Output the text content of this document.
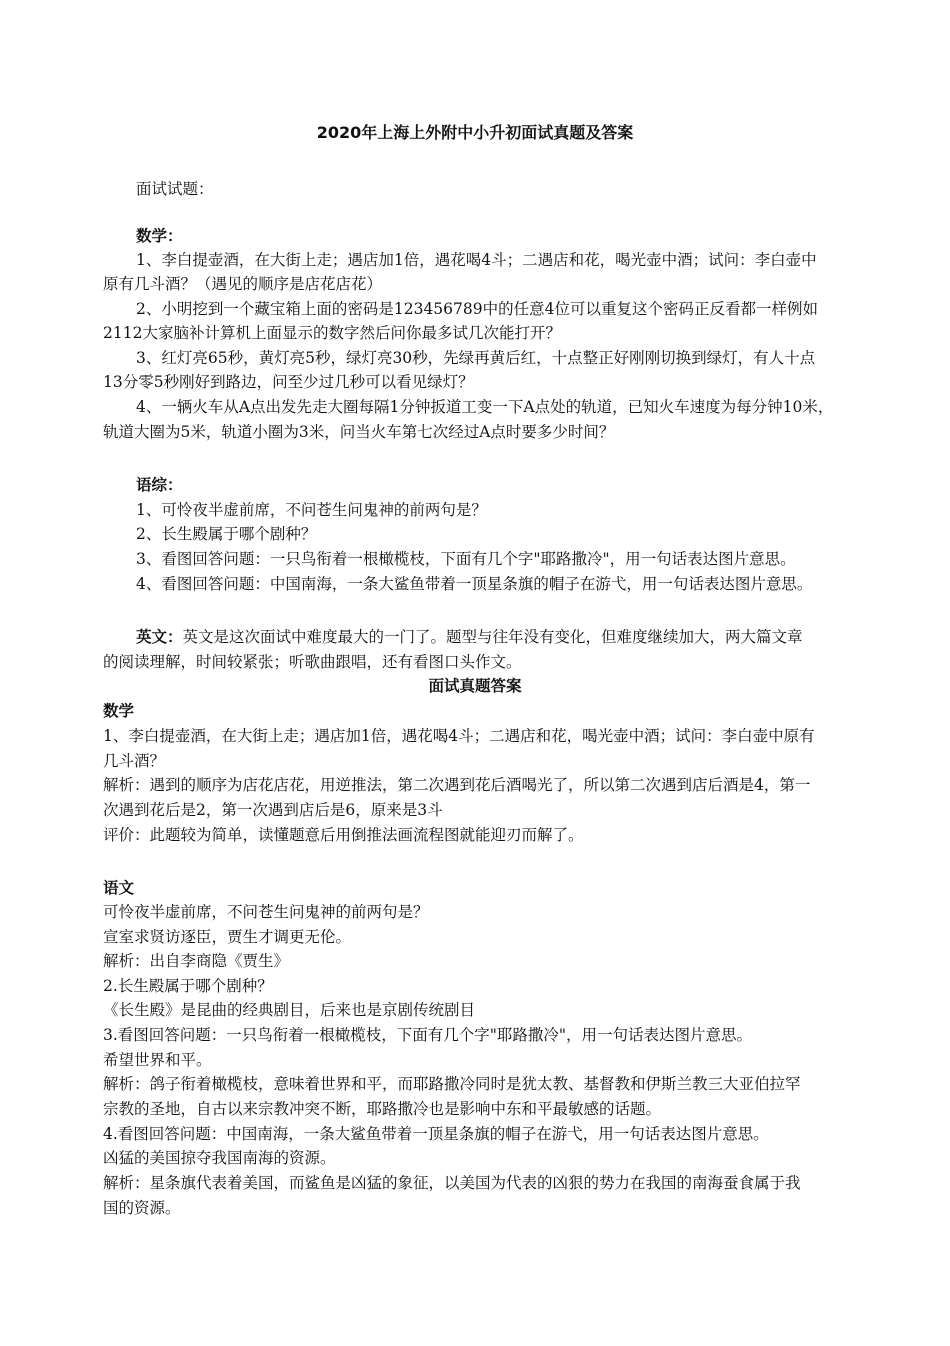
2020年上海上外附中小升初面试真题及答案
面试试题：
数学：
1、李白提壶酒，在大街上走；遇店加1倍，遇花喝4斗；二遇店和花，喝光壶中酒；试问：李白壶中
原有几斗酒？（遇见的顺序是店花店花）
2、小明挖到一个藏宝箱上面的密码是123456789中的任意4位可以重复这个密码正反看都一样例如
2112大家脑补计算机上面显示的数字然后问你最多试几次能打开？
3、红灯亮65秒，黄灯亮5秒，绿灯亮30秒，先绿再黄后红，十点整正好刚刚切换到绿灯，有人十点
13分零5秒刚好到路边，问至少过几秒可以看见绿灯？
4、一辆火车从A点出发先走大圈每隔1分钟扳道工变一下A点处的轨道，已知火车速度为每分钟10米，
轨道大圈为5米，轨道小圈为3米，问当火车第七次经过A点时要多少时间？
语综：
1、可怜夜半虚前席，不问苍生问鬼神的前两句是？
2、长生殿属于哪个剧种？
3、看图回答问题：一只鸟衔着一根橄榄枝，下面有几个字"耶路撒冷"，用一句话表达图片意思。
4、看图回答问题：中国南海，一条大鲨鱼带着一顶星条旗的帽子在游弋，用一句话表达图片意思。
英文：英文是这次面试中难度最大的一门了。题型与往年没有变化，但难度继续加大，两大篇文章
的阅读理解，时间较紧张；听歌曲跟唱，还有看图口头作文。
面试真题答案
数学
1、李白提壶酒，在大街上走；遇店加1倍，遇花喝4斗；二遇店和花，喝光壶中酒；试问：李白壶中原有
几斗酒？
解析：遇到的顺序为店花店花，用逆推法，第二次遇到花后酒喝光了，所以第二次遇到店后酒是4，第一
次遇到花后是2，第一次遇到店后是6，原来是3斗
评价：此题较为简单，读懂题意后用倒推法画流程图就能迎刃而解了。
语文
可怜夜半虚前席，不问苍生问鬼神的前两句是？
宣室求贤访逐臣，贾生才调更无伦。
解析：出自李商隐《贾生》
2.长生殿属于哪个剧种？
《长生殿》是昆曲的经典剧目，后来也是京剧传统剧目
3.看图回答问题：一只鸟衔着一根橄榄枝，下面有几个字"耶路撒冷"，用一句话表达图片意思。
希望世界和平。
解析：鸽子衔着橄榄枝，意味着世界和平，而耶路撒冷同时是犹太教、基督教和伊斯兰教三大亚伯拉罕
宗教的圣地，自古以来宗教冲突不断，耶路撒冷也是影响中东和平最敏感的话题。
4.看图回答问题：中国南海，一条大鲨鱼带着一顶星条旗的帽子在游弋，用一句话表达图片意思。
凶猛的美国掠夺我国南海的资源。
解析：星条旗代表着美国，而鲨鱼是凶猛的象征，以美国为代表的凶狠的势力在我国的南海蚕食属于我
国的资源。
